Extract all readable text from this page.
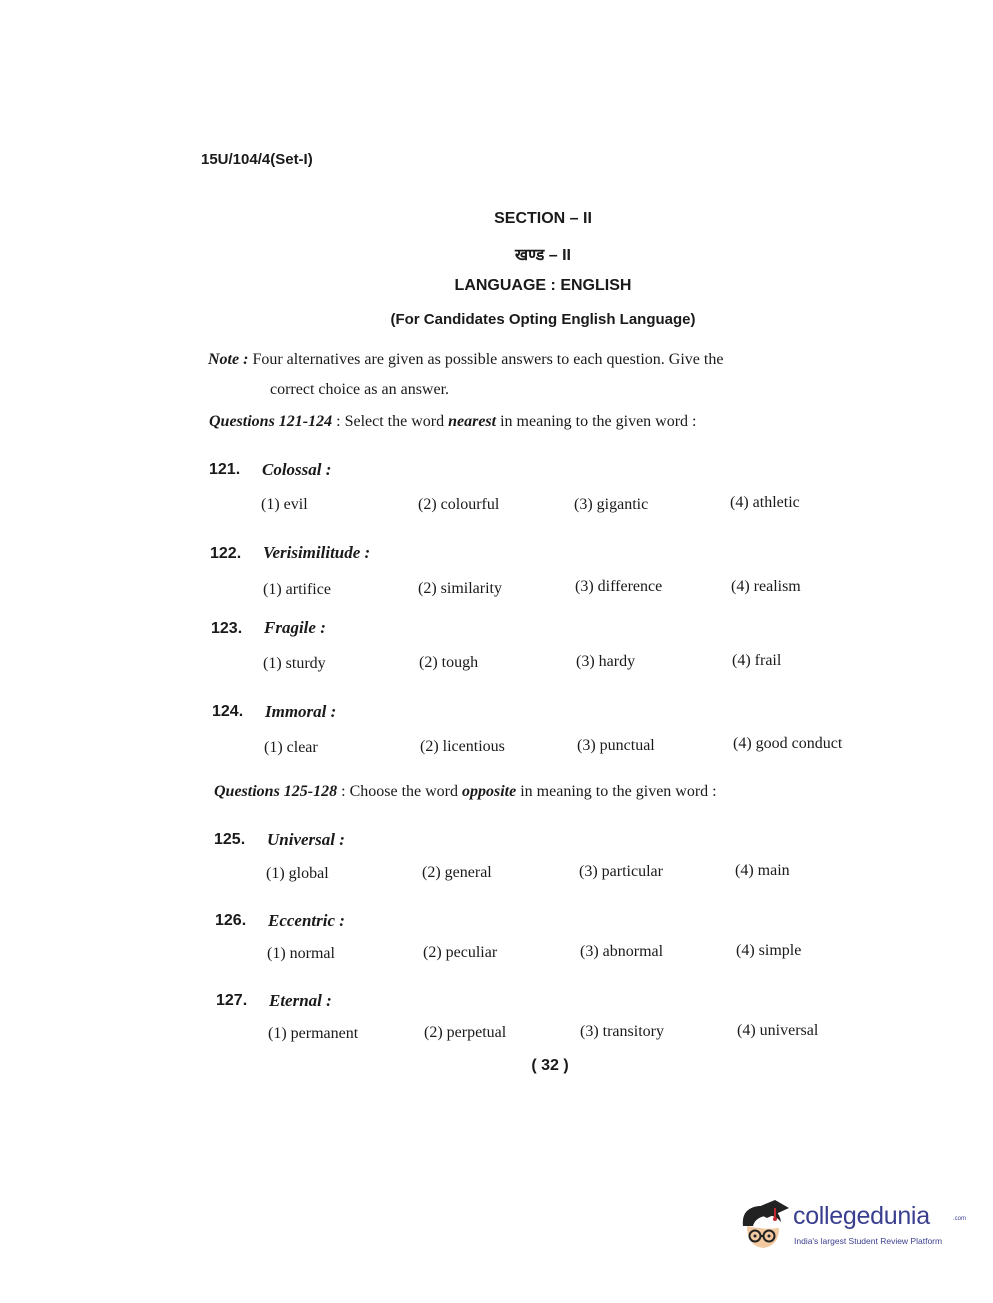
15U/104/4(Set-I)
SECTION – II
खण्ड – II
LANGUAGE : ENGLISH
(For Candidates Opting English Language)
Note : Four alternatives are given as possible answers to each question. Give the
correct choice as an answer.
Questions 121-124 : Select the word nearest in meaning to the given word :
Questions 125-128 : Choose the word opposite in meaning to the given word :
121. Colossal :
(1) evil	(2) colourful	(3) gigantic	(4) athletic
122. Verisimilitude :
(1) artifice	(2) similarity	(3) difference	(4) realism
123. Fragile :
(1) sturdy	(2) tough	(3) hardy	(4) frail
124. Immoral :
(1) clear	(2) licentious	(3) punctual	(4) good conduct
125. Universal :
(1) global	(2) general	(3) particular	(4) main
126. Eccentric :
(1) normal	(2) peculiar	(3) abnormal	(4) simple
127. Eternal :
(1) permanent	(2) perpetual	(3) transitory	(4) universal
( 32 )
collegedunia	.com
India's largest Student Review Platform
